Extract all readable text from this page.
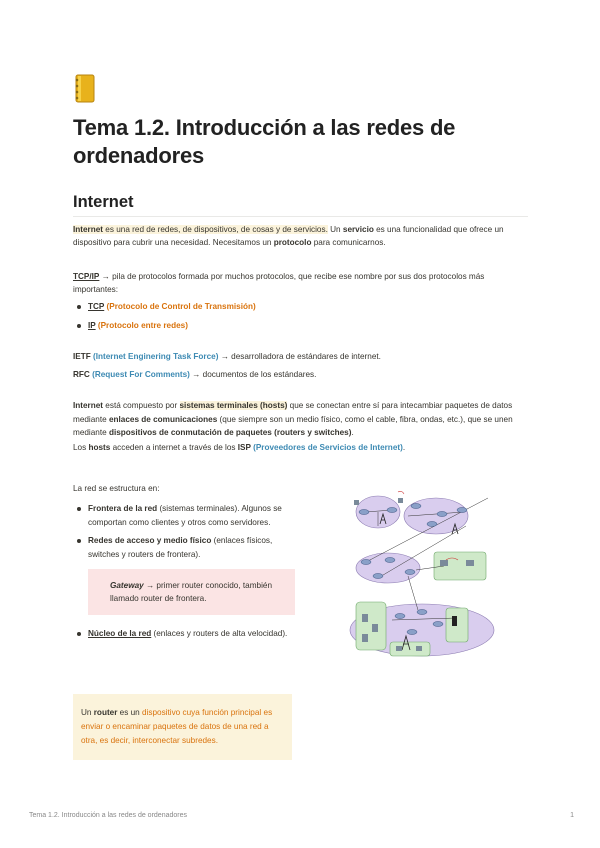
Tema 1.2. Introducción a las redes de ordenadores
Internet

Internet es una red de redes, de dispositivos, de cosas y de servicios. Un servicio es una funcionalidad que ofrece un dispositivo para cubrir una necesidad. Necesitamos un protocolo para comunicarnos.

TCP/IP → pila de protocolos formada por muchos protocolos, que recibe ese nombre por sus dos protocolos más importantes:

TCP (Protocolo de Control de Transmisión)
IP (Protocolo entre redes)

IETF (Internet Enginering Task Force) → desarrolladora de estándares de internet.

RFC (Request For Comments) → documentos de los estándares.

Internet está compuesto por sistemas terminales (hosts) que se conectan entre sí para intecambiar paquetes de datos mediante enlaces de comunicaciones (que siempre son un medio físico, como el cable, fibra, ondas, etc.), que se unen mediante dispositivos de conmutación de paquetes (routers y switches).

Los hosts acceden a internet a través de los ISP (Proveedores de Servicios de Internet).

La red se estructura en:

Frontera de la red (sistemas terminales). Algunos se comportan como clientes y otros como servidores.
Redes de acceso y medio físico (enlaces físicos, switches y routers de frontera).

Gateway → primer router conocido, también llamado router de frontera.

Núcleo de la red (enlaces y routers de alta velocidad).

Un router es un dispositivo cuya función principal es enviar o encaminar paquetes de datos de una red a otra, es decir, interconectar subredes.

Tema 1.2. Introducción a las redes de ordenadores	1
